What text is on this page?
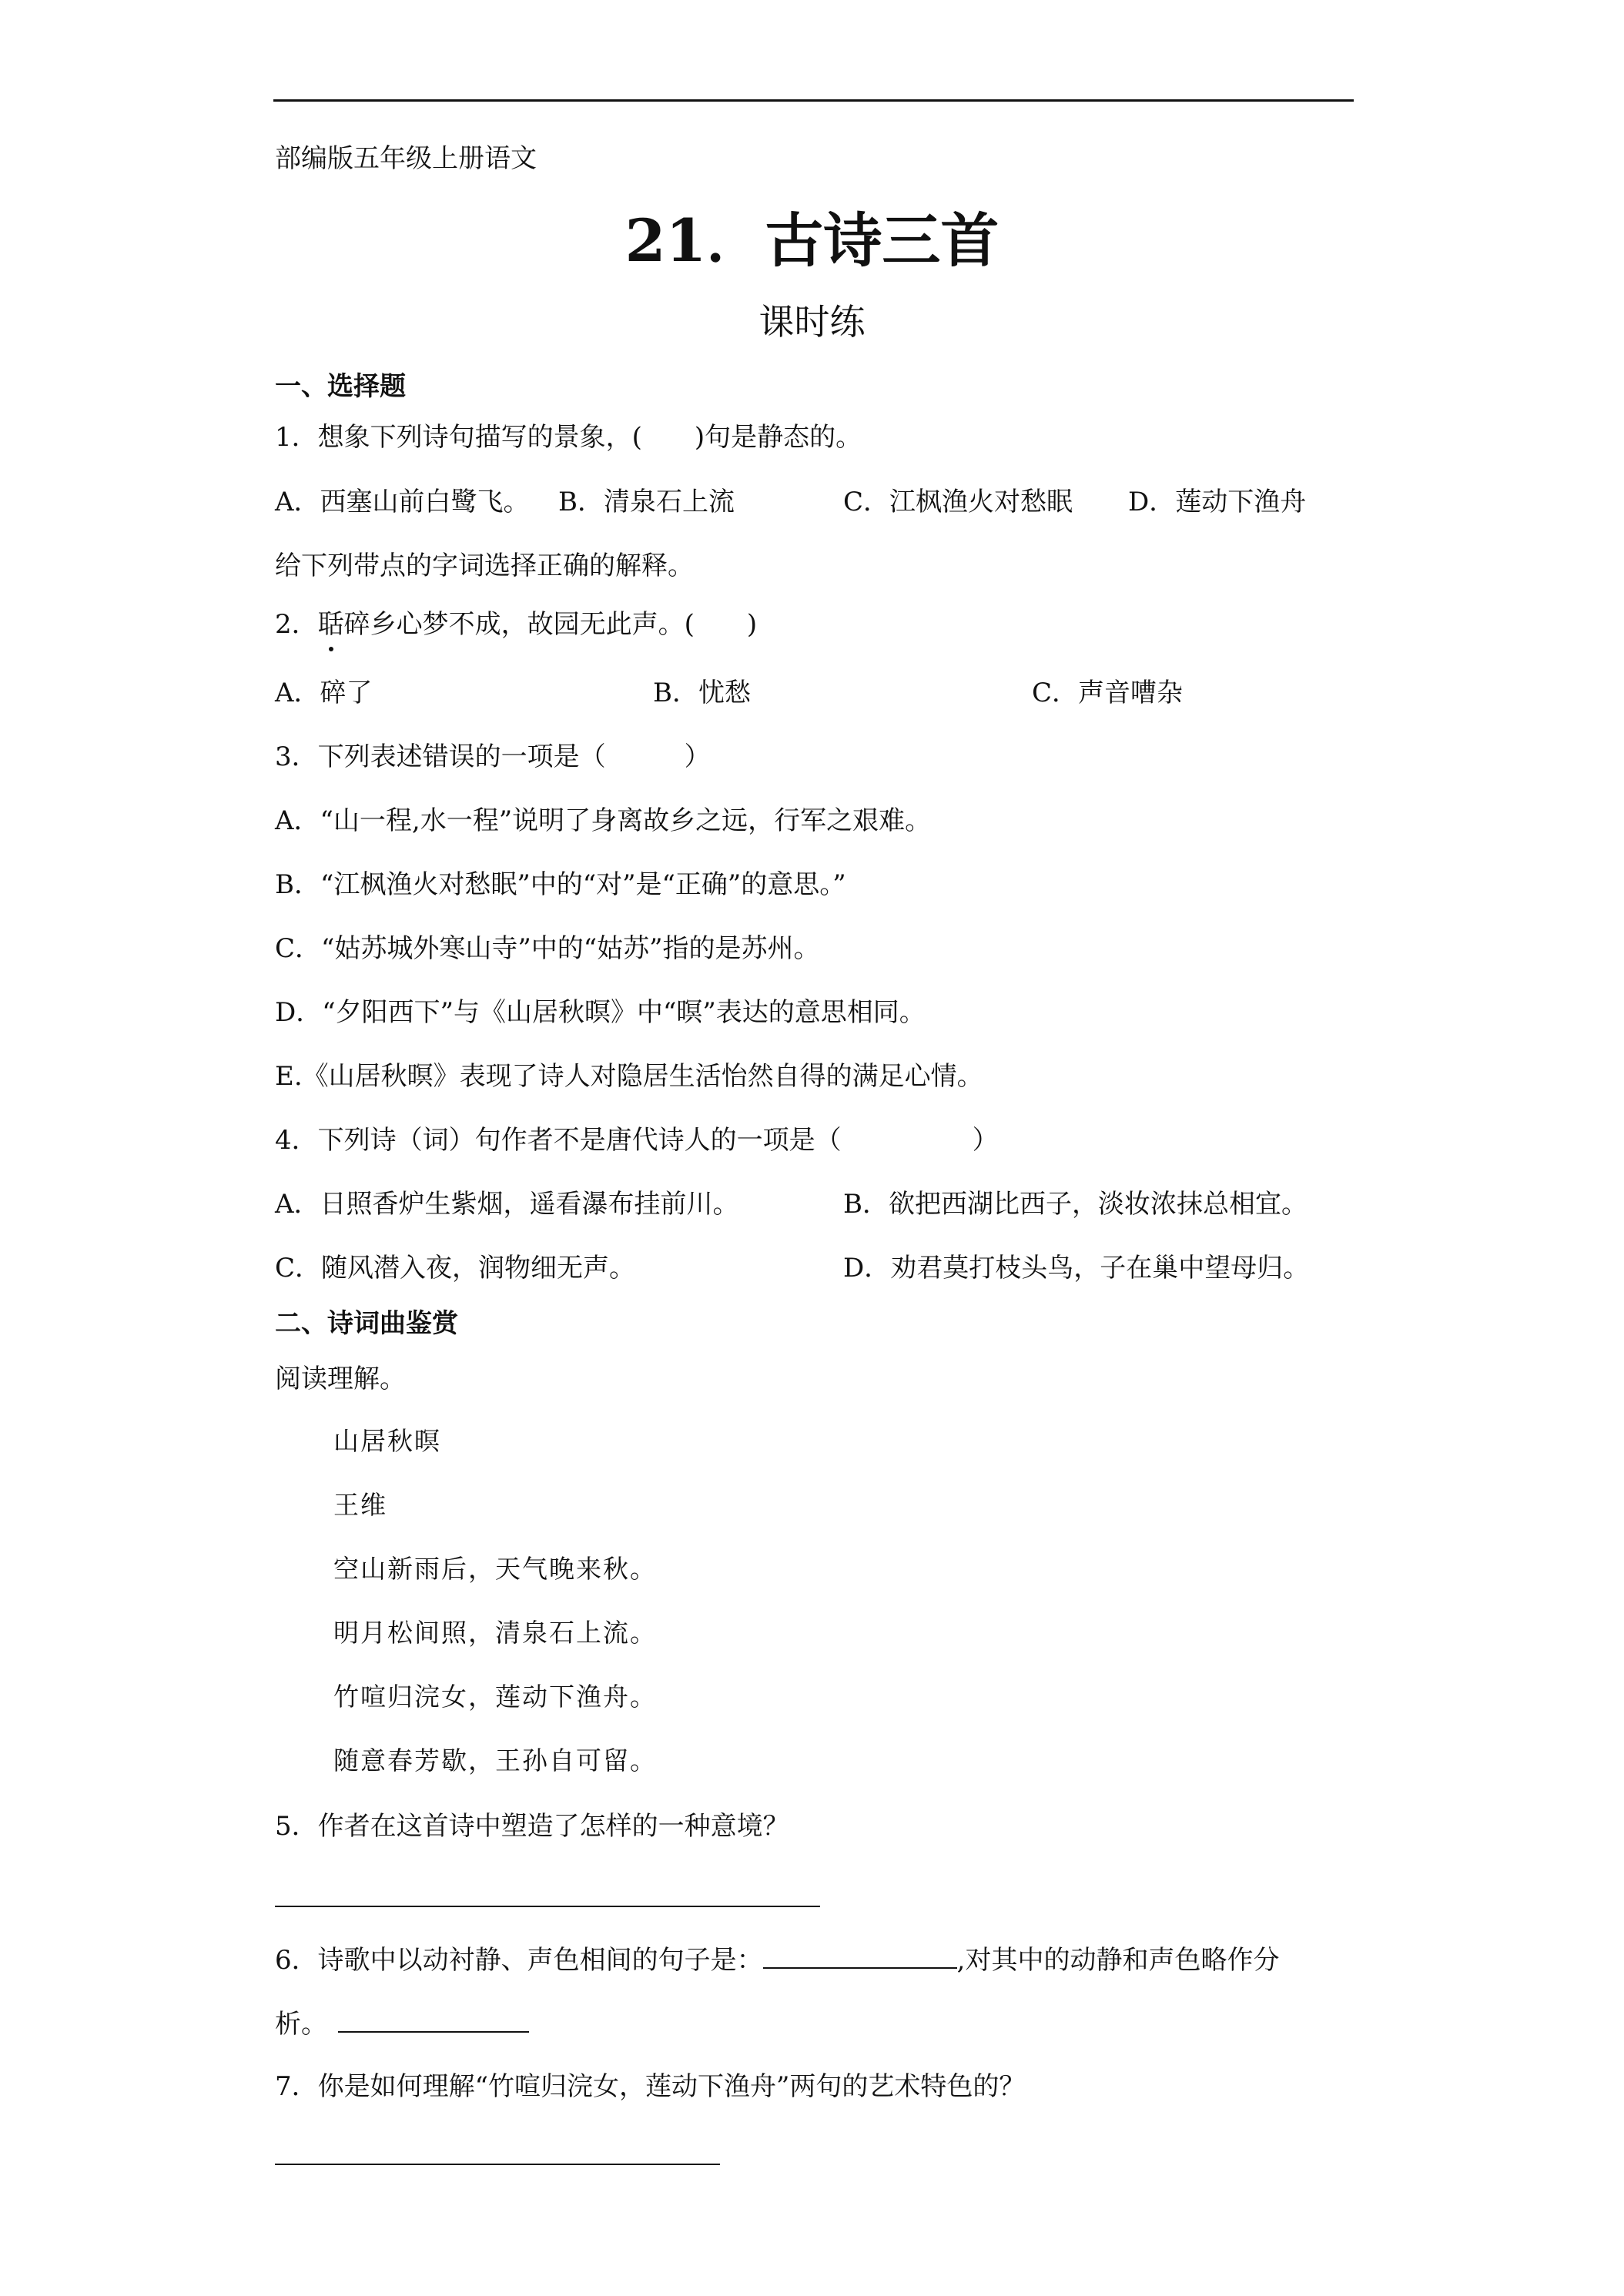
部编版五年级上册语文
21．古诗三首
课时练
一、选择题
1．想象下列诗句描写的景象，(　　)句是静态的。
A．西塞山前白鹭飞。 B．清泉石上流	C．江枫渔火对愁眠 D．莲动下渔舟
给下列带点的字词选择正确的解释。
2．聒碎乡心梦不成，故园无此声。(　　)
A．碎了	B．忧愁	C．声音嘈杂
3．下列表述错误的一项是（　　　）
A．“山一程,水一程”说明了身离故乡之远，行军之艰难。
B．“江枫渔火对愁眠”中的“对”是“正确”的意思。”
C．“姑苏城外寒山寺”中的“姑苏”指的是苏州。
D．“夕阳西下”与《山居秋暝》中“暝”表达的意思相同。
E.《山居秋暝》表现了诗人对隐居生活怡然自得的满足心情。
4．下列诗（词）句作者不是唐代诗人的一项是（　　　　　）
A．日照香炉生紫烟，遥看瀑布挂前川。	B．欲把西湖比西子，淡妆浓抹总相宜。
C．随风潜入夜，润物细无声。	D．劝君莫打枝头鸟，子在巢中望母归。
二、诗词曲鉴赏
阅读理解。
山居秋暝
王维
空山新雨后，天气晚来秋。
明月松间照，清泉石上流。
竹喧归浣女，莲动下渔舟。
随意春芳歇，王孙自可留。
5．作者在这首诗中塑造了怎样的一种意境？
6．诗歌中以动衬静、声色相间的句子是：	,对其中的动静和声色略作分
析。
7．你是如何理解“竹喧归浣女，莲动下渔舟”两句的艺术特色的？
